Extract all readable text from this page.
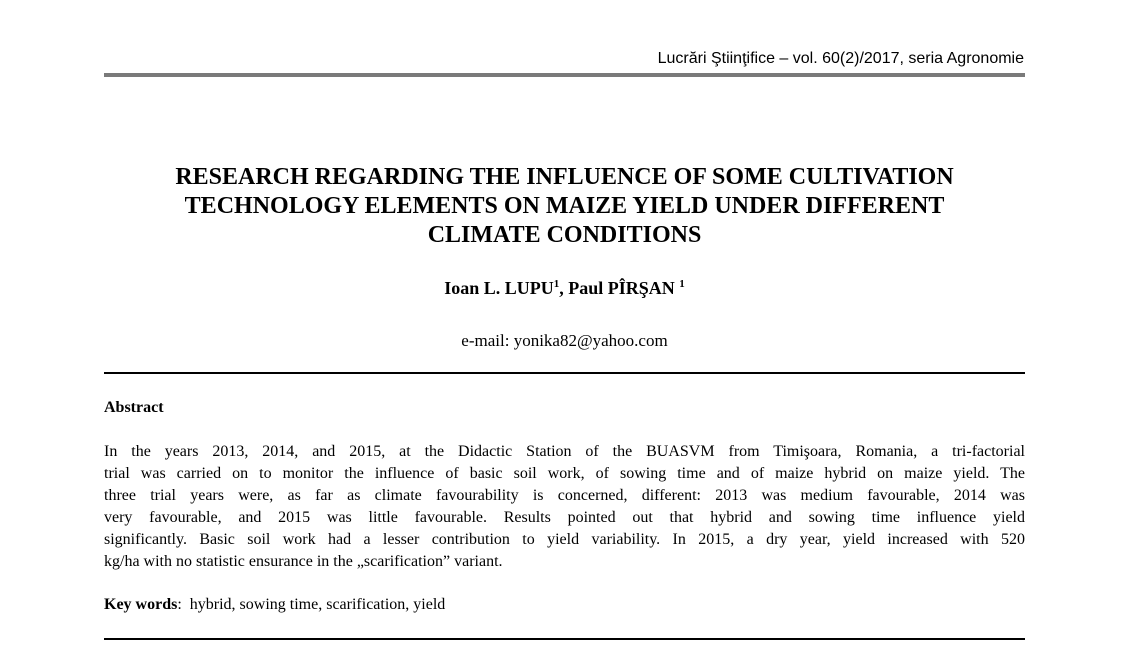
Lucrări Ştiinţifice – vol. 60(2)/2017, seria Agronomie
RESEARCH REGARDING THE INFLUENCE OF SOME CULTIVATION
TECHNOLOGY ELEMENTS ON MAIZE YIELD UNDER DIFFERENT
CLIMATE CONDITIONS
Ioan L. LUPU$^1$, Paul PÎRŞAN $^1$
e-mail: yonika82@yahoo.com
Abstract
In the years 2013, 2014, and 2015, at the Didactic Station of the BUASVM from Timişoara, Romania, a tri-factorial
trial was carried on to monitor the influence of basic soil work, of sowing time and of maize hybrid on maize yield. The
three trial years were, as far as climate favourability is concerned, different: 2013 was medium favourable, 2014 was
very favourable, and 2015 was little favourable. Results pointed out that hybrid and sowing time influence yield
significantly. Basic soil work had a lesser contribution to yield variability. In 2015, a dry year, yield increased with 520
kg/ha with no statistic ensurance in the „scarification” variant.
Key words:  hybrid, sowing time, scarification, yield
